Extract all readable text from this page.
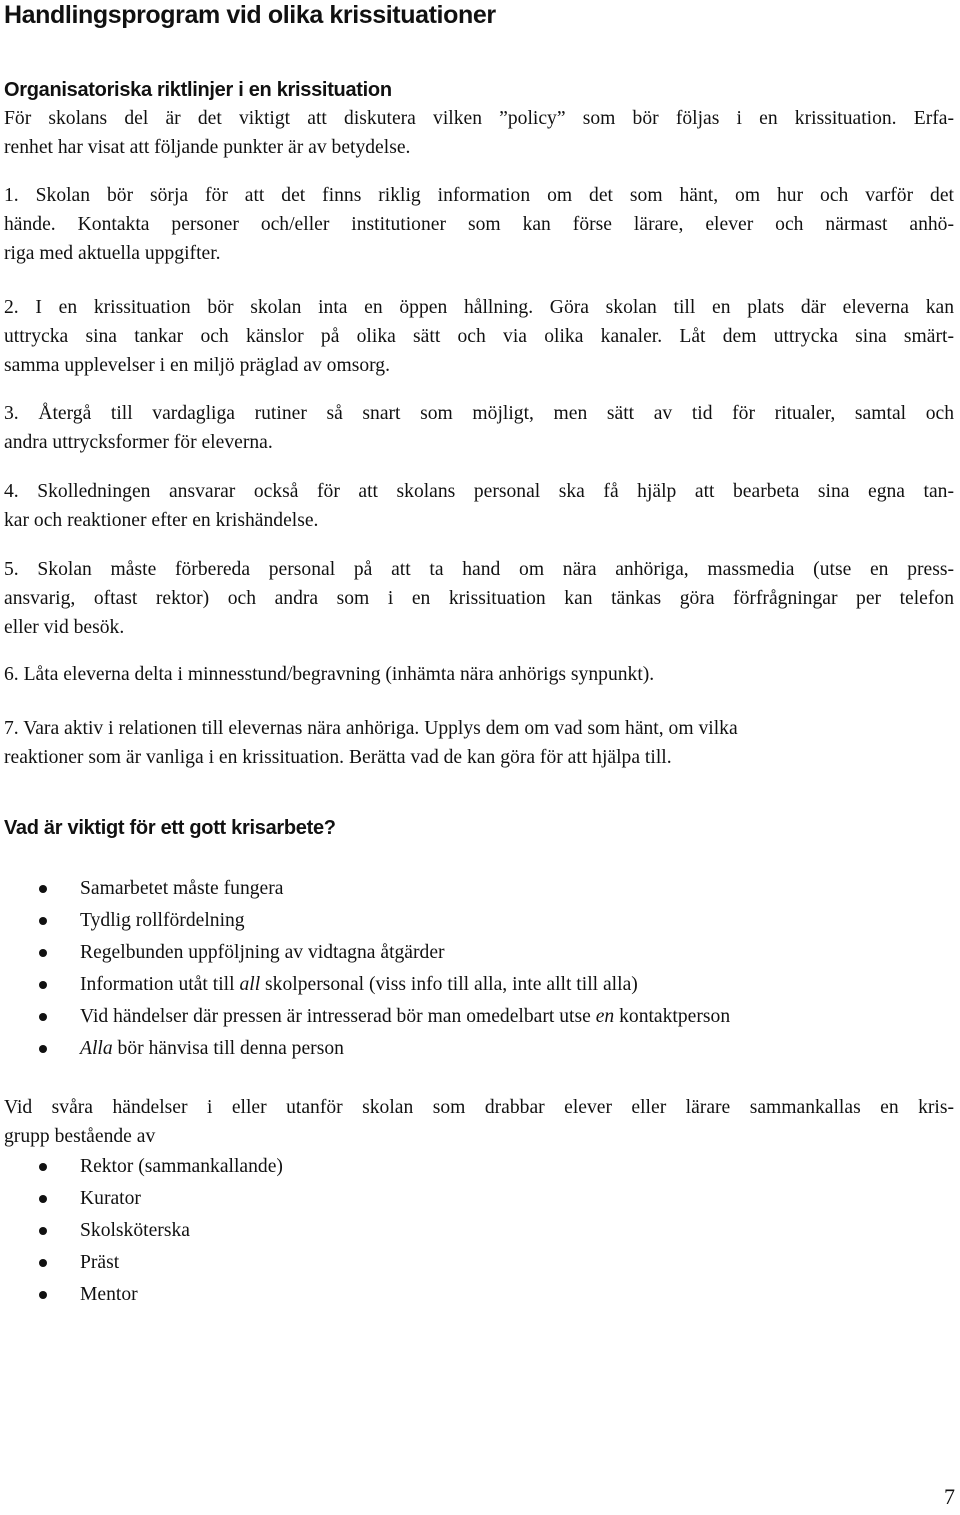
Handlingsprogram vid olika krissituationer
Organisatoriska riktlinjer i en krissituation
För skolans del är det viktigt att diskutera vilken ”policy” som bör följas i en krissituation. Erfa-
renhet har visat att följande punkter är av betydelse.
1. Skolan bör sörja för att det finns riklig information om det som hänt, om hur och varför det
hände. Kontakta personer och/eller institutioner som kan förse lärare, elever och närmast anhö-
riga med aktuella uppgifter.
2. I en krissituation bör skolan inta en öppen hållning. Göra skolan till en plats där eleverna kan
uttrycka sina tankar och känslor på olika sätt och via olika kanaler. Låt dem uttrycka sina smärt-
samma upplevelser i en miljö präglad av omsorg.
3. Återgå till vardagliga rutiner så snart som möjligt, men sätt av tid för ritualer, samtal och
andra uttrycksformer för eleverna.
4. Skolledningen ansvarar också för att skolans personal ska få hjälp att bearbeta sina egna tan-
kar och reaktioner efter en krishändelse.
5. Skolan måste förbereda personal på att ta hand om nära anhöriga, massmedia (utse en press-
ansvarig, oftast rektor) och andra som i en krissituation kan tänkas göra förfrågningar per telefon
eller vid besök.
6. Låta eleverna delta i minnesstund/begravning (inhämta nära anhörigs synpunkt).
7. Vara aktiv i relationen till elevernas nära anhöriga. Upplys dem om vad som hänt, om vilka
reaktioner som är vanliga i en krissituation. Berätta vad de kan göra för att hjälpa till.
Vad är viktigt för ett gott krisarbete?
Samarbetet måste fungera
Tydlig rollfördelning
Regelbunden uppföljning av vidtagna åtgärder
Information utåt till all skolpersonal (viss info till alla, inte allt till alla)
Vid händelser där pressen är intresserad bör man omedelbart utse en kontaktperson
Alla bör hänvisa till denna person
Vid svåra händelser i eller utanför skolan som drabbar elever eller lärare sammankallas en kris-
grupp bestående av
Rektor (sammankallande)
Kurator
Skolsköterska
Präst
Mentor
7
